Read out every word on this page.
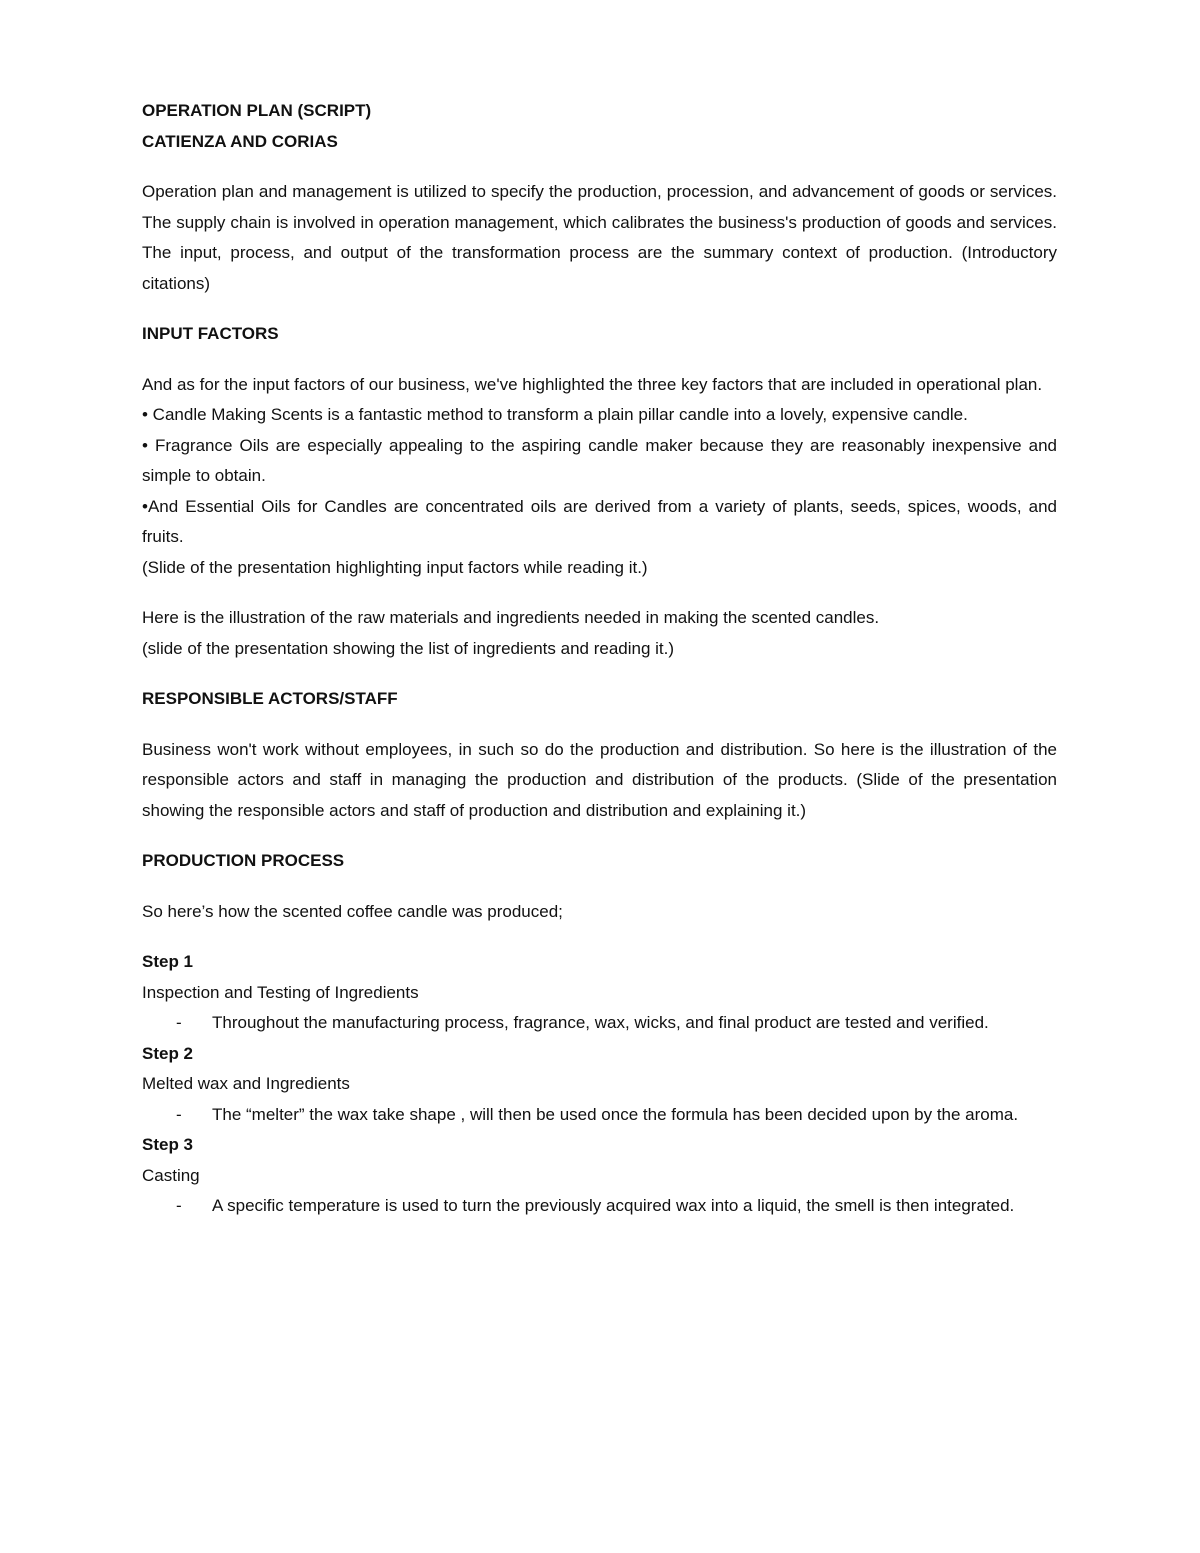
OPERATION PLAN (SCRIPT)

CATIENZA AND CORIAS

Operation plan and management is utilized to specify the production, procession, and advancement of goods or services. The supply chain is involved in operation management, which calibrates the business's production of goods and services. The input, process, and output of the transformation process are the summary context of production. (Introductory citations)

INPUT FACTORS

And as for the input factors of our business, we've highlighted the three key factors that are included in operational plan.

• Candle Making Scents is a fantastic method to transform a plain pillar candle into a lovely, expensive candle.

• Fragrance Oils are especially appealing to the aspiring candle maker because they are reasonably inexpensive and simple to obtain.

•And Essential Oils for Candles are concentrated oils are derived from a variety of plants, seeds, spices, woods, and fruits.

(Slide of the presentation highlighting input factors while reading it.)

Here is the illustration of the raw materials and ingredients needed in making the scented candles.

(slide of the presentation showing the list of ingredients and reading it.)

RESPONSIBLE ACTORS/STAFF

Business won't work without employees, in such so do the production and distribution. So here is the illustration of the responsible actors and staff in managing the production and distribution of the products. (Slide of the presentation showing the responsible actors and staff of production and distribution and explaining it.)

PRODUCTION PROCESS

So here’s how the scented coffee candle was produced;

Step 1

Inspection and Testing of Ingredients

-	Throughout the manufacturing process, fragrance, wax, wicks, and final product are tested and verified.

Step 2

Melted wax and Ingredients

-	The “melter” the wax take shape , will then be used once the formula has been decided upon by the aroma.

Step 3

Casting

-	A specific temperature is used to turn the previously acquired wax into a liquid, the smell is then integrated.
